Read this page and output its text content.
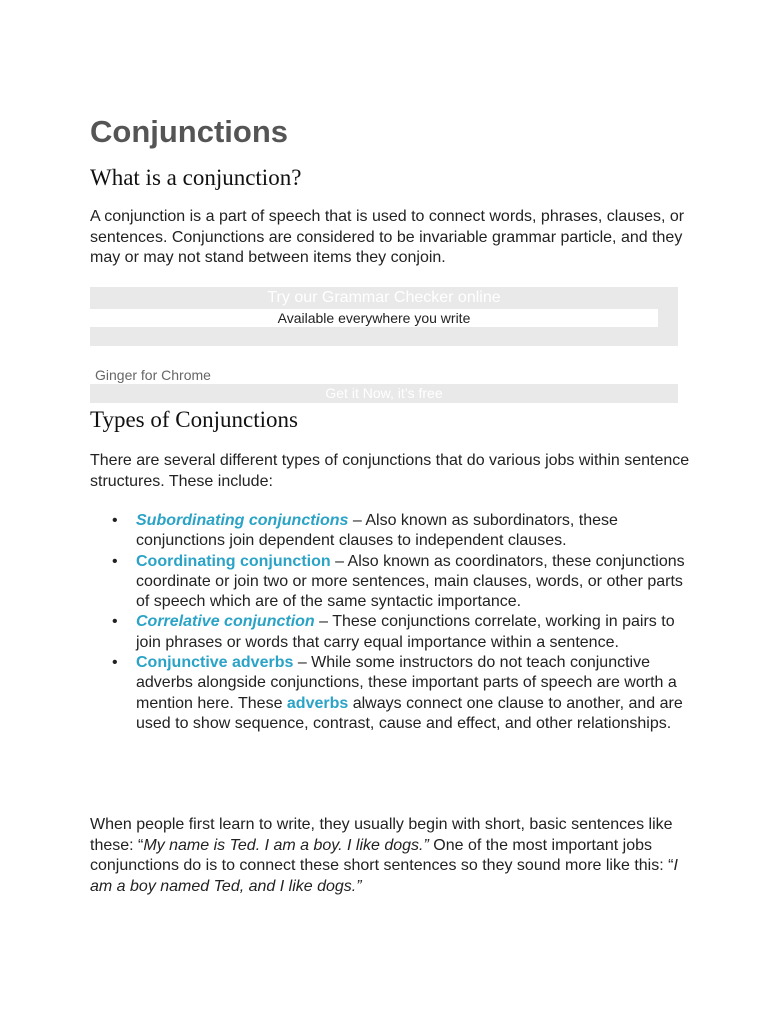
Conjunctions
What is a conjunction?

A conjunction is a part of speech that is used to connect words, phrases, clauses, or sentences. Conjunctions are considered to be invariable grammar particle, and they may or may not stand between items they conjoin.

Try our Grammar Checker online
Available everywhere you write
Ginger for Chrome
Get it Now, it’s free
Types of Conjunctions

There are several different types of conjunctions that do various jobs within sentence structures. These include:

• Subordinating conjunctions – Also known as subordinators, these conjunctions join dependent clauses to independent clauses.
• Coordinating conjunction – Also known as coordinators, these conjunctions coordinate or join two or more sentences, main clauses, words, or other parts of speech which are of the same syntactic importance.
• Correlative conjunction – These conjunctions correlate, working in pairs to join phrases or words that carry equal importance within a sentence.
• Conjunctive adverbs – While some instructors do not teach conjunctive adverbs alongside conjunctions, these important parts of speech are worth a mention here. These adverbs always connect one clause to another, and are used to show sequence, contrast, cause and effect, and other relationships.

When people first learn to write, they usually begin with short, basic sentences like these: “My name is Ted. I am a boy. I like dogs.” One of the most important jobs conjunctions do is to connect these short sentences so they sound more like this: “I am a boy named Ted, and I like dogs.”
